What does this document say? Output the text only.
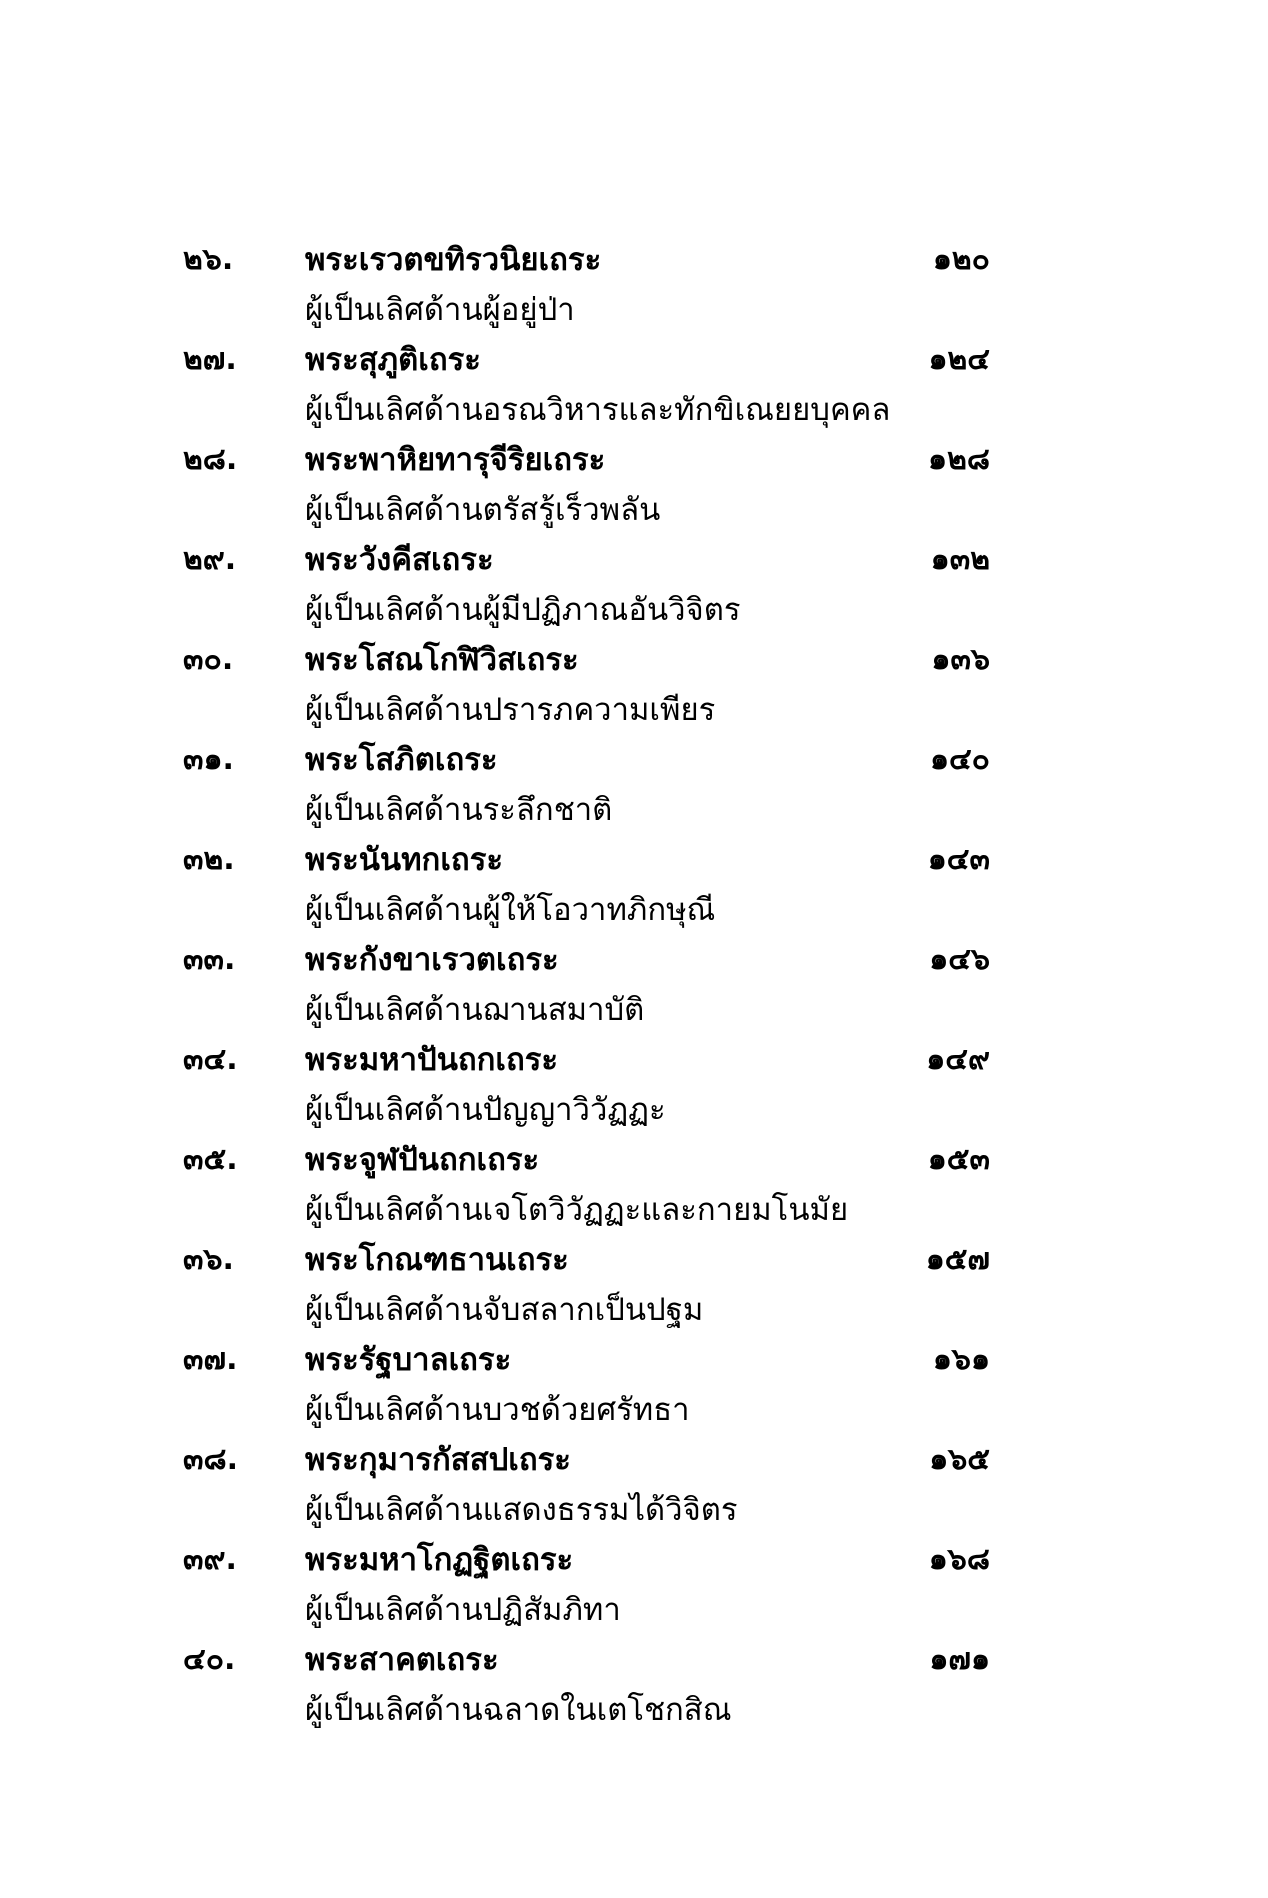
๒๖. พระเรวตขทิรวนิยเถระ	๑๒๐
ผู้เป็นเลิศด้านผู้อยู่ป่า
๒๗. พระสุภูติเถระ	๑๒๔
ผู้เป็นเลิศด้านอรณวิหารและทักขิเณยยบุคคล
๒๘. พระพาหิยทารุจีริยเถระ	๑๒๘
ผู้เป็นเลิศด้านตรัสรู้เร็วพลัน
๒๙. พระวังคีสเถระ	๑๓๒
ผู้เป็นเลิศด้านผู้มีปฏิภาณอันวิจิตร
๓๐. พระโสณโกฬิวิสเถระ	๑๓๖
ผู้เป็นเลิศด้านปรารภความเพียร
๓๑. พระโสภิตเถระ	๑๔๐
ผู้เป็นเลิศด้านระลึกชาติ
๓๒. พระนันทกเถระ	๑๔๓
ผู้เป็นเลิศด้านผู้ให้โอวาทภิกษุณี
๓๓. พระกังขาเรวตเถระ	๑๔๖
ผู้เป็นเลิศด้านฌานสมาบัติ
๓๔. พระมหาปันถกเถระ	๑๔๙
ผู้เป็นเลิศด้านปัญญาวิวัฏฏะ
๓๕. พระจูฬปันถกเถระ	๑๕๓
ผู้เป็นเลิศด้านเจโตวิวัฏฏะและกายมโนมัย
๓๖. พระโกณฑธานเถระ	๑๕๗
ผู้เป็นเลิศด้านจับสลากเป็นปฐม
๓๗. พระรัฐบาลเถระ	๑๖๑
ผู้เป็นเลิศด้านบวชด้วยศรัทธา
๓๘. พระกุมารกัสสปเถระ	๑๖๕
ผู้เป็นเลิศด้านแสดงธรรมได้วิจิตร
๓๙. พระมหาโกฏฐิตเถระ	๑๖๘
ผู้เป็นเลิศด้านปฏิสัมภิทา
๔๐. พระสาคตเถระ	๑๗๑
ผู้เป็นเลิศด้านฉลาดในเตโชกสิณ
